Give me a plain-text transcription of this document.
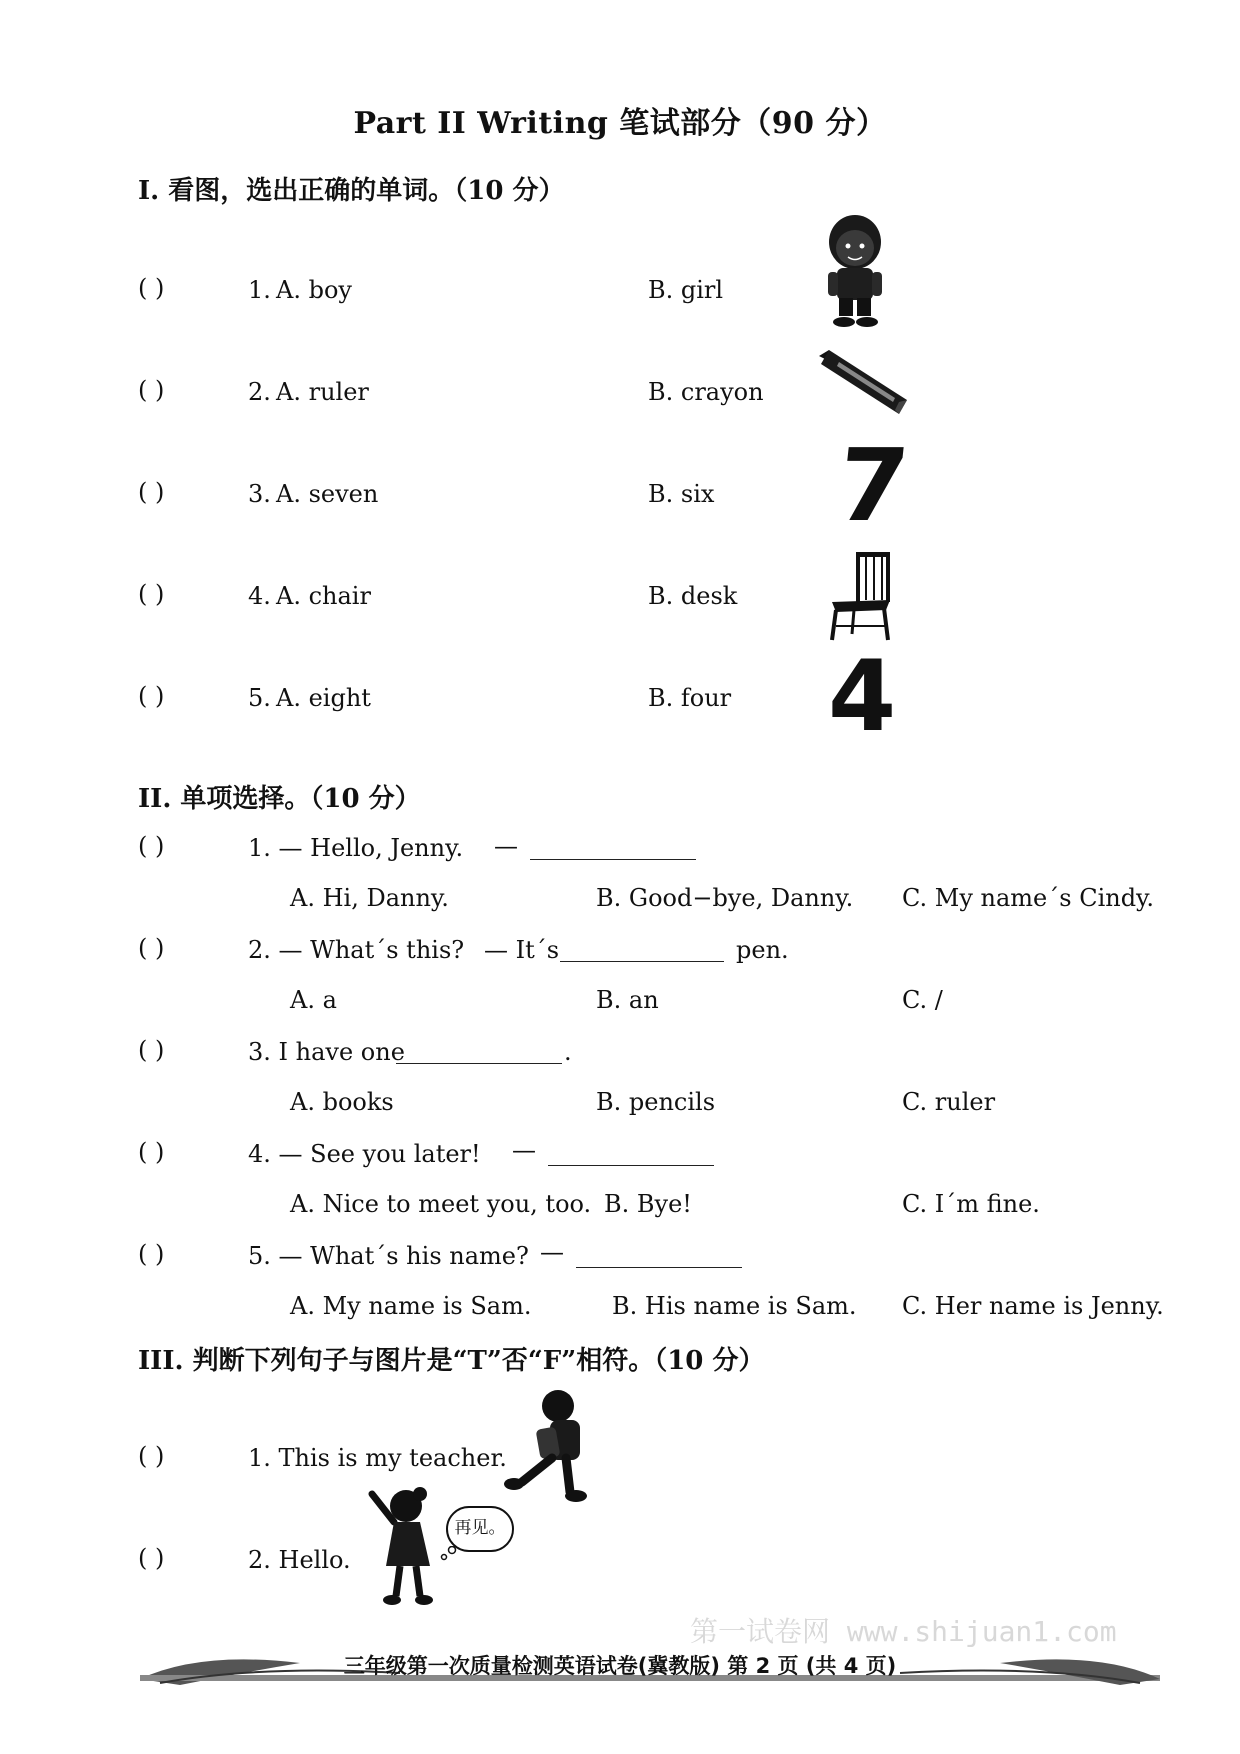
Part II Writing 笔试部分（90 分）
I. 看图，选出正确的单词。（10 分）
( )	1. A. boy	B. girl
( )	2. A. ruler	B. crayon
( )	3. A. seven	B. six
( )	4. A. chair	B. desk
( )	5. A. eight	B. four
7
4
II. 单项选择。（10 分）
( )	1. — Hello, Jenny. —
A. Hi, Danny.	B. Good−bye, Danny. C. My name´s Cindy.
( )	2. — What´s this? — It´s	pen.
A. a	B. an	C. /
( )	3. I have one	.
A. books	B. pencils	C. ruler
( )	4. — See you later! —
A. Nice to meet you, too. B. Bye!	C. I´m fine.
( )	5. — What´s his name? —
A. My name is Sam.	B. His name is Sam. C. Her name is Jenny.
III. 判断下列句子与图片是“T”否“F”相符。（10 分）
( )	1. This is my teacher.
( )	2. Hello.
再见。
第一试卷网 www.shijuan1.com
三年级第一次质量检测英语试卷(冀教版) 第 2 页 (共 4 页)
